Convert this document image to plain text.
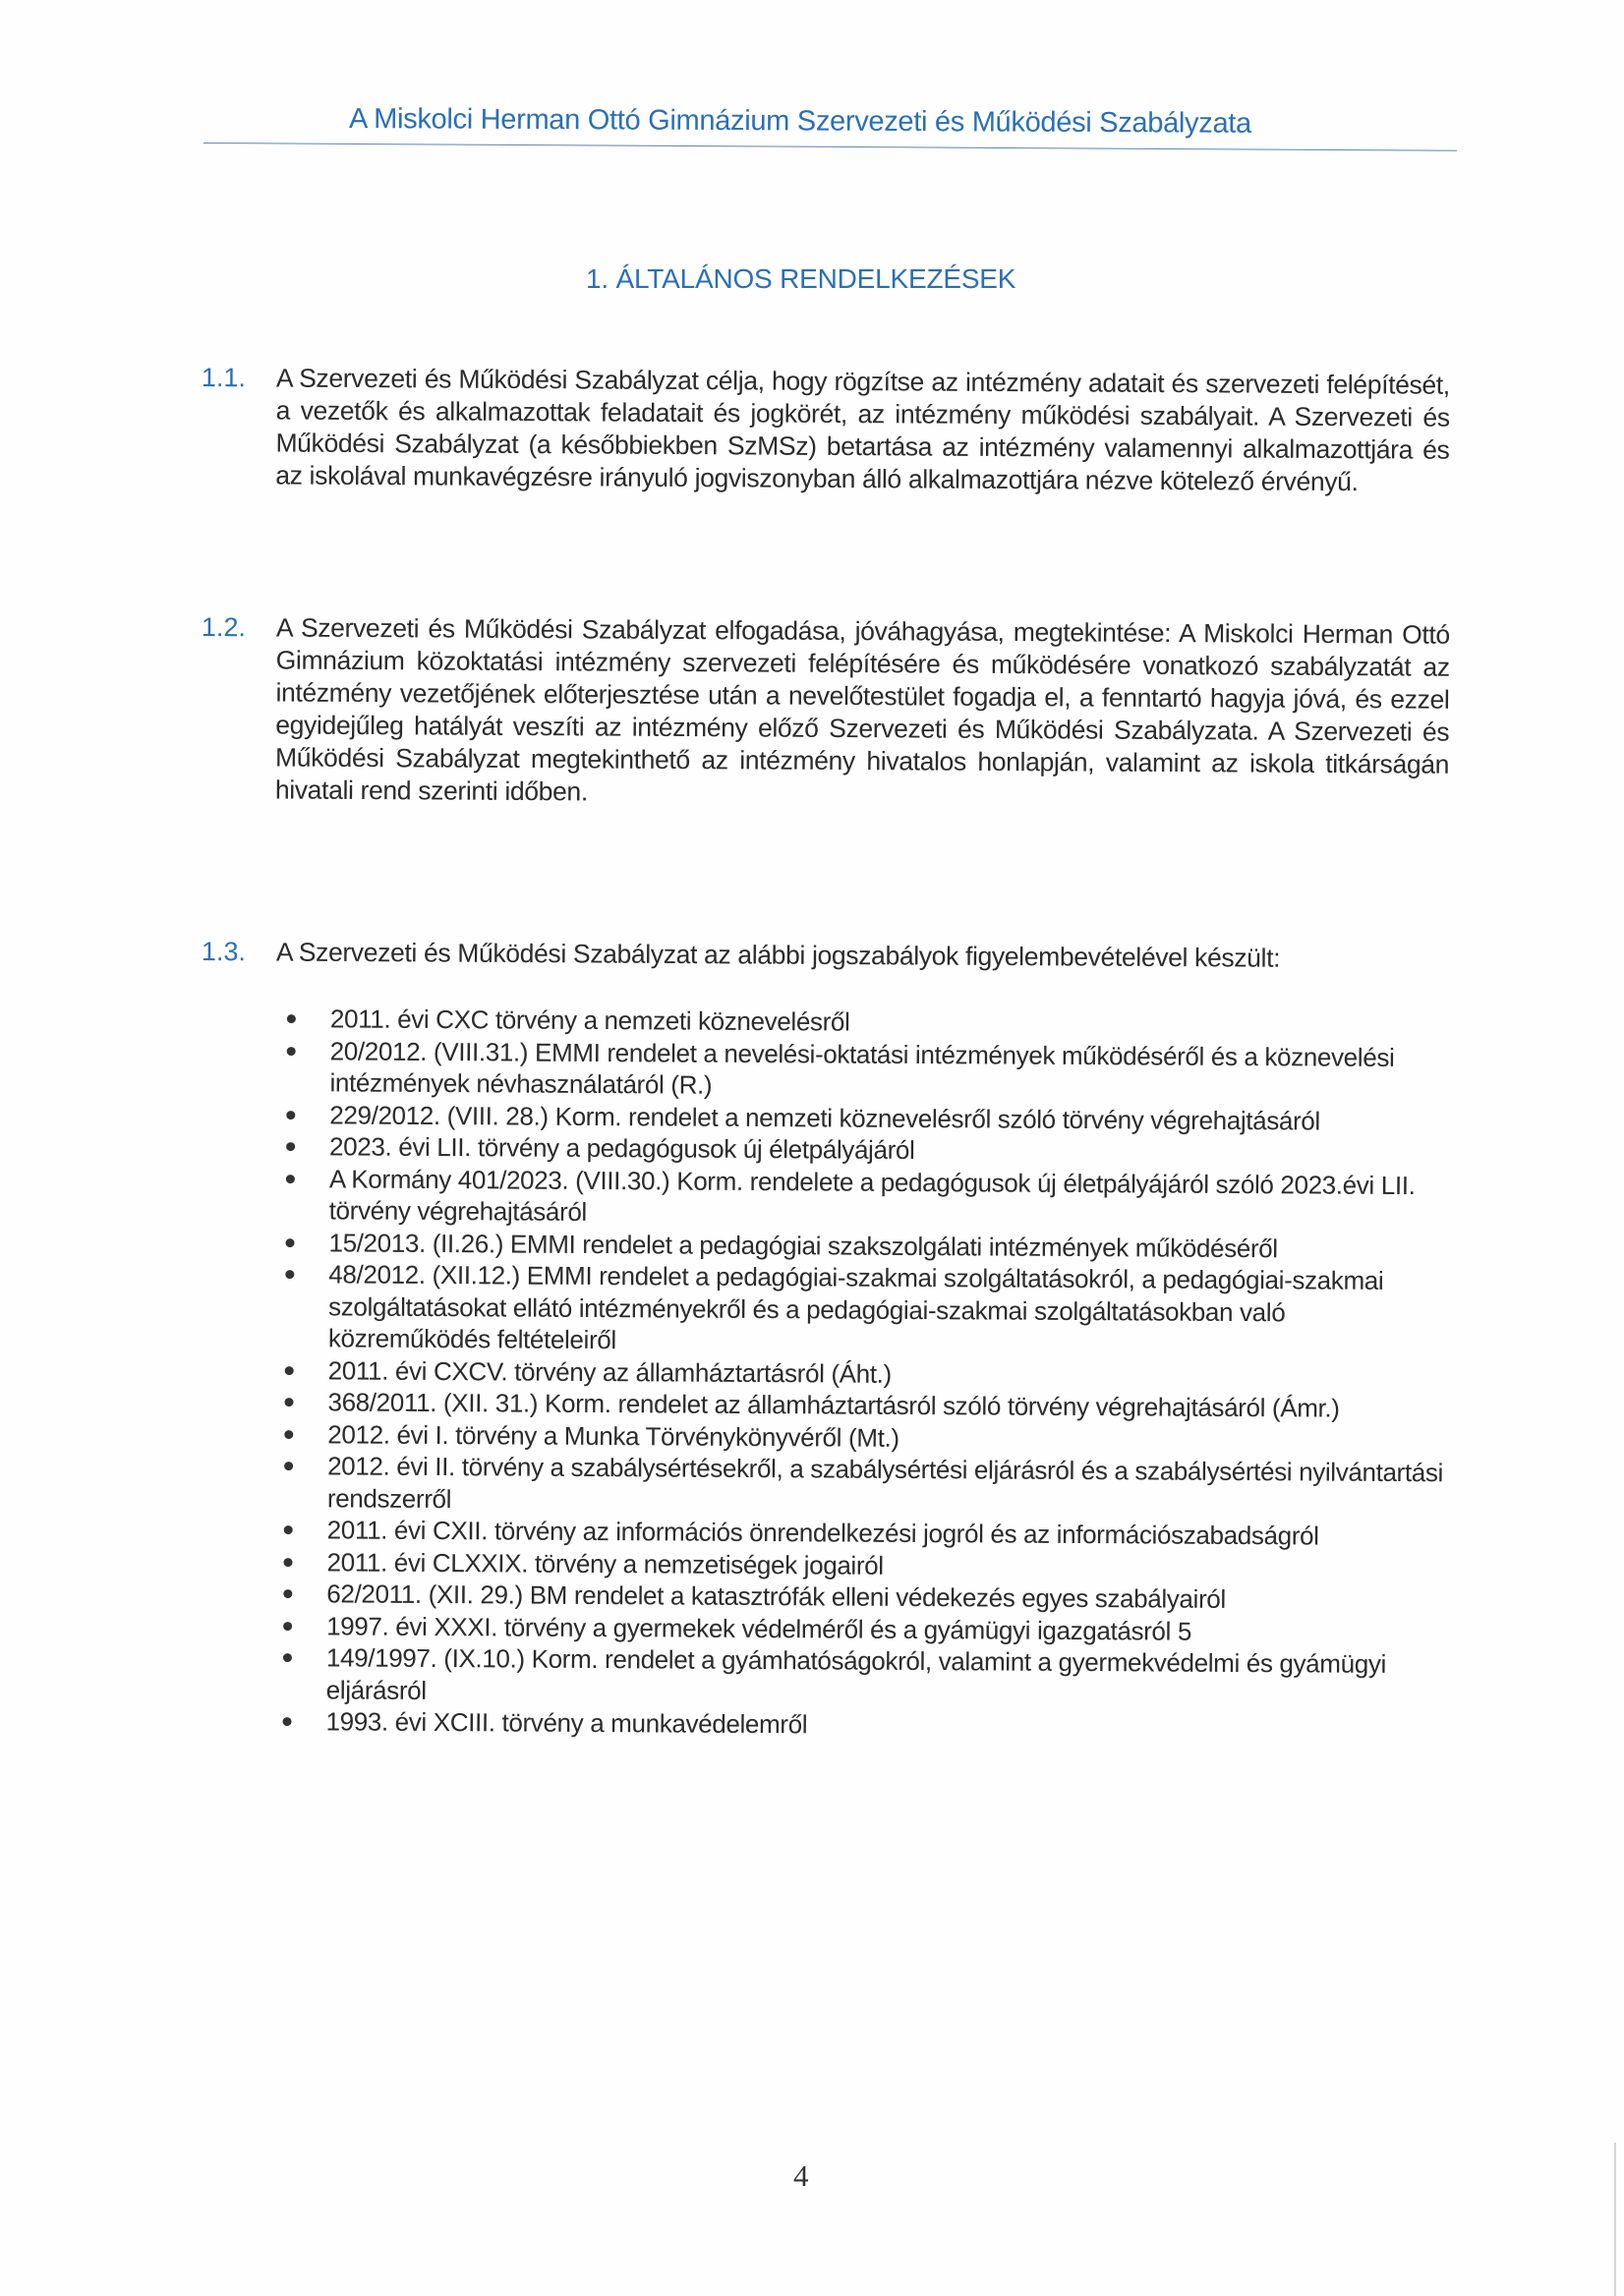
A Miskolci Herman Ottó Gimnázium Szervezeti és Működési Szabályzata
1. ÁLTALÁNOS RENDELKEZÉSEK
1.1. A Szervezeti és Működési Szabályzat célja, hogy rögzítse az intézmény adatait és szervezeti felépítését, a vezetők és alkalmazottak feladatait és jogkörét, az intézmény működési szabályait. A Szervezeti és Működési Szabályzat (a későbbiekben SzMSz) betartása az intézmény valamennyi alkalmazottjára és az iskolával munkavégzésre irányuló jogviszonyban álló alkalmazottjára nézve kötelező érvényű.
1.2. A Szervezeti és Működési Szabályzat elfogadása, jóváhagyása, megtekintése: A Miskolci Herman Ottó Gimnázium közoktatási intézmény szervezeti felépítésére és működésére vonatkozó szabályzatát az intézmény vezetőjének előterjesztése után a nevelőtestület fogadja el, a fenntartó hagyja jóvá, és ezzel egyidejűleg hatályát veszíti az intézmény előző Szervezeti és Működési Szabályzata. A Szervezeti és Működési Szabályzat megtekinthető az intézmény hivatalos honlapján, valamint az iskola titkárságán hivatali rend szerinti időben.
1.3. A Szervezeti és Működési Szabályzat az alábbi jogszabályok figyelembevételével készült:
2011. évi CXC törvény a nemzeti köznevelésről
20/2012. (VIII.31.) EMMI rendelet a nevelési-oktatási intézmények működéséről és a köznevelési intézmények névhasználatáról (R.)
229/2012. (VIII. 28.) Korm. rendelet a nemzeti köznevelésről szóló törvény végrehajtásáról
2023. évi LII. törvény a pedagógusok új életpályájáról
A Kormány 401/2023. (VIII.30.) Korm. rendelete a pedagógusok új életpályájáról szóló 2023.évi LII. törvény végrehajtásáról
15/2013. (II.26.) EMMI rendelet a pedagógiai szakszolgálati intézmények működéséről
48/2012. (XII.12.) EMMI rendelet a pedagógiai-szakmai szolgáltatásokról, a pedagógiai-szakmai szolgáltatásokat ellátó intézményekről és a pedagógiai-szakmai szolgáltatásokban való közreműködés feltételeiről
2011. évi CXCV. törvény az államháztartásról (Áht.)
368/2011. (XII. 31.) Korm. rendelet az államháztartásról szóló törvény végrehajtásáról (Ámr.)
2012. évi I. törvény a Munka Törvénykönyvéről (Mt.)
2012. évi II. törvény a szabálysértésekről, a szabálysértési eljárásról és a szabálysértési nyilvántartási rendszerről
2011. évi CXII. törvény az információs önrendelkezési jogról és az információszabadságról
2011. évi CLXXIX. törvény a nemzetiségek jogairól
62/2011. (XII. 29.) BM rendelet a katasztrófák elleni védekezés egyes szabályairól
1997. évi XXXI. törvény a gyermekek védelméről és a gyámügyi igazgatásról 5
149/1997. (IX.10.) Korm. rendelet a gyámhatóságokról, valamint a gyermekvédelmi és gyámügyi eljárásról
1993. évi XCIII. törvény a munkavédelemről
4
